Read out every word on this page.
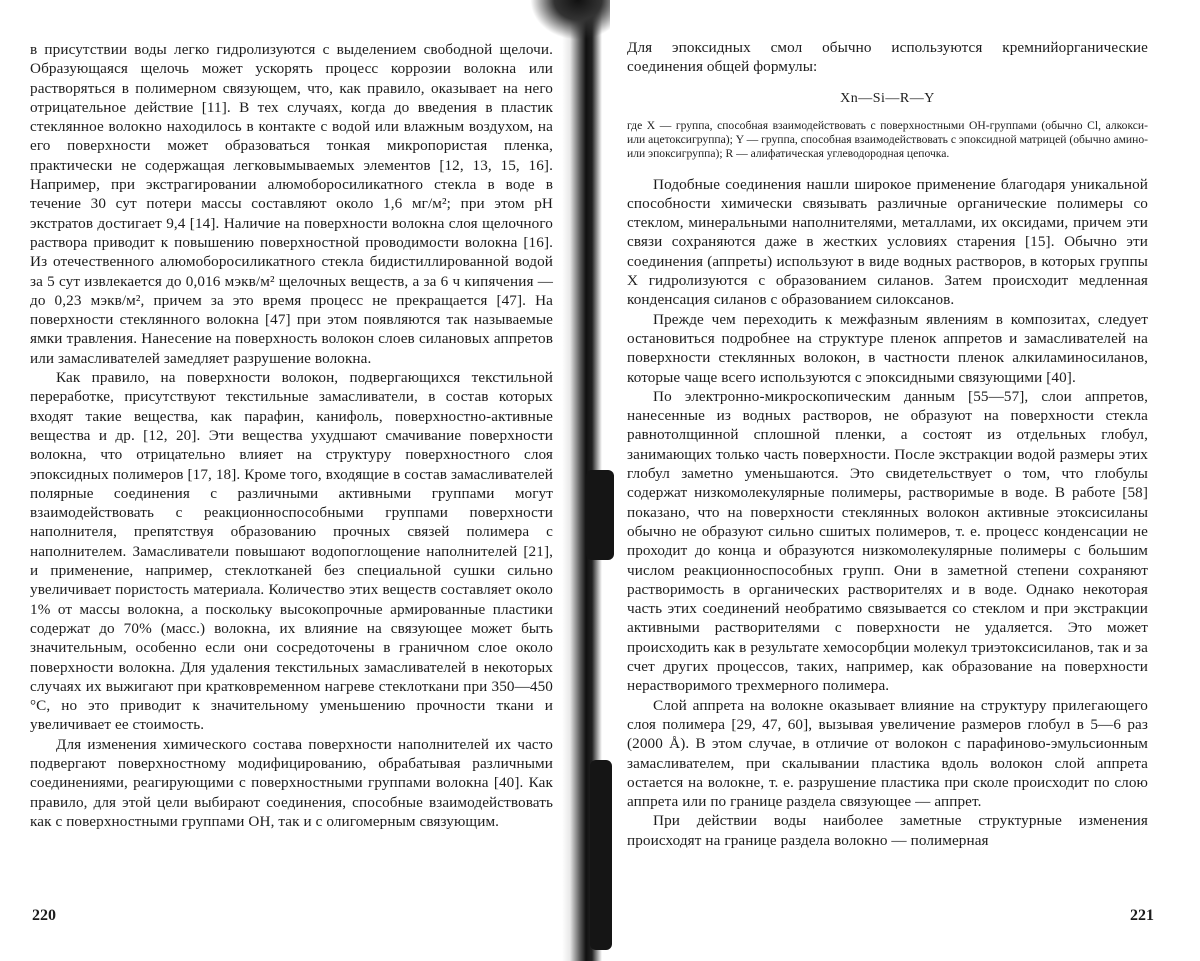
в присутствии воды легко гидролизуются с выделением свободной щелочи. Образующаяся щелочь может ускорять процесс коррозии волокна или растворяться в полимерном связующем, что, как правило, оказывает на него отрицательное действие [11]. В тех случаях, когда до введения в пластик стеклянное волокно находилось в контакте с водой или влажным воздухом, на его поверхности может образоваться тонкая микропористая пленка, практически не содержащая легковымываемых элементов [12, 13, 15, 16]. Например, при экстрагировании алюмоборосиликатного стекла в воде в течение 30 сут потери массы составляют около 1,6 мг/м²; при этом pH экстратов достигает 9,4 [14]. Наличие на поверхности волокна слоя щелочного раствора приводит к повышению поверхностной проводимости волокна [16]. Из отечественного алюмоборосиликатного стекла бидистиллированной водой за 5 сут извлекается до 0,016 мэкв/м² щелочных веществ, а за 6 ч кипячения — до 0,23 мэкв/м², причем за это время процесс не прекращается [47]. На поверхности стеклянного волокна [47] при этом появляются так называемые ямки травления. Нанесение на поверхность волокон слоев силановых аппретов или замасливателей замедляет разрушение волокна.

Как правило, на поверхности волокон, подвергающихся текстильной переработке, присутствуют текстильные замасливатели, в состав которых входят такие вещества, как парафин, канифоль, поверхностно-активные вещества и др. [12, 20]. Эти вещества ухудшают смачивание поверхности волокна, что отрицательно влияет на структуру поверхностного слоя эпоксидных полимеров [17, 18]. Кроме того, входящие в состав замасливателей полярные соединения с различными активными группами могут взаимодействовать с реакционноспособными группами поверхности наполнителя, препятствуя образованию прочных связей полимера с наполнителем. Замасливатели повышают водопоглощение наполнителей [21], и применение, например, стеклотканей без специальной сушки сильно увеличивает пористость материала. Количество этих веществ составляет около 1% от массы волокна, а поскольку высокопрочные армированные пластики содержат до 70% (масс.) волокна, их влияние на связующее может быть значительным, особенно если они сосредоточены в граничном слое около поверхности волокна. Для удаления текстильных замасливателей в некоторых случаях их выжигают при кратковременном нагреве стеклоткани при 350—450 °C, но это приводит к значительному уменьшению прочности ткани и увеличивает ее стоимость.

Для изменения химического состава поверхности наполнителей их часто подвергают поверхностному модифицированию, обрабатывая различными соединениями, реагирующими с поверхностными группами волокна [40]. Как правило, для этой цели выбирают соединения, способные взаимодействовать как с поверхностными группами OH, так и с олигомерным связующим.

220

Для эпоксидных смол обычно используются кремнийорганические соединения общей формулы:

Xn—Si—R—Y

где X — группа, способная взаимодействовать с поверхностными OH-группами (обычно Cl, алкокси- или ацетоксигруппа); Y — группа, способная взаимодействовать с эпоксидной матрицей (обычно амино- или эпоксигруппа); R — алифатическая углеводородная цепочка.

Подобные соединения нашли широкое применение благодаря уникальной способности химически связывать различные органические полимеры со стеклом, минеральными наполнителями, металлами, их оксидами, причем эти связи сохраняются даже в жестких условиях старения [15]. Обычно эти соединения (аппреты) используют в виде водных растворов, в которых группы X гидролизуются с образованием силанов. Затем происходит медленная конденсация силанов с образованием силоксанов.

Прежде чем переходить к межфазным явлениям в композитах, следует остановиться подробнее на структуре пленок аппретов и замасливателей на поверхности стеклянных волокон, в частности пленок алкиламиносиланов, которые чаще всего используются с эпоксидными связующими [40].

По электронно-микроскопическим данным [55—57], слои аппретов, нанесенные из водных растворов, не образуют на поверхности стекла равнотолщинной сплошной пленки, а состоят из отдельных глобул, занимающих только часть поверхности. После экстракции водой размеры этих глобул заметно уменьшаются. Это свидетельствует о том, что глобулы содержат низкомолекулярные полимеры, растворимые в воде. В работе [58] показано, что на поверхности стеклянных волокон активные этоксисиланы обычно не образуют сильно сшитых полимеров, т. е. процесс конденсации не проходит до конца и образуются низкомолекулярные полимеры с большим числом реакционноспособных групп. Они в заметной степени сохраняют растворимость в органических растворителях и в воде. Однако некоторая часть этих соединений необратимо связывается со стеклом и при экстракции активными растворителями с поверхности не удаляется. Это может происходить как в результате хемосорбции молекул триэтоксисиланов, так и за счет других процессов, таких, например, как образование на поверхности нерастворимого трехмерного полимера.

Слой аппрета на волокне оказывает влияние на структуру прилегающего слоя полимера [29, 47, 60], вызывая увеличение размеров глобул в 5—6 раз (2000 Å). В этом случае, в отличие от волокон с парафиново-эмульсионным замасливателем, при скалывании пластика вдоль волокон слой аппрета остается на волокне, т. е. разрушение пластика при сколе происходит по слою аппрета или по границе раздела связующее — аппрет.

При действии воды наиболее заметные структурные изменения происходят на границе раздела волокно — полимерная

221
